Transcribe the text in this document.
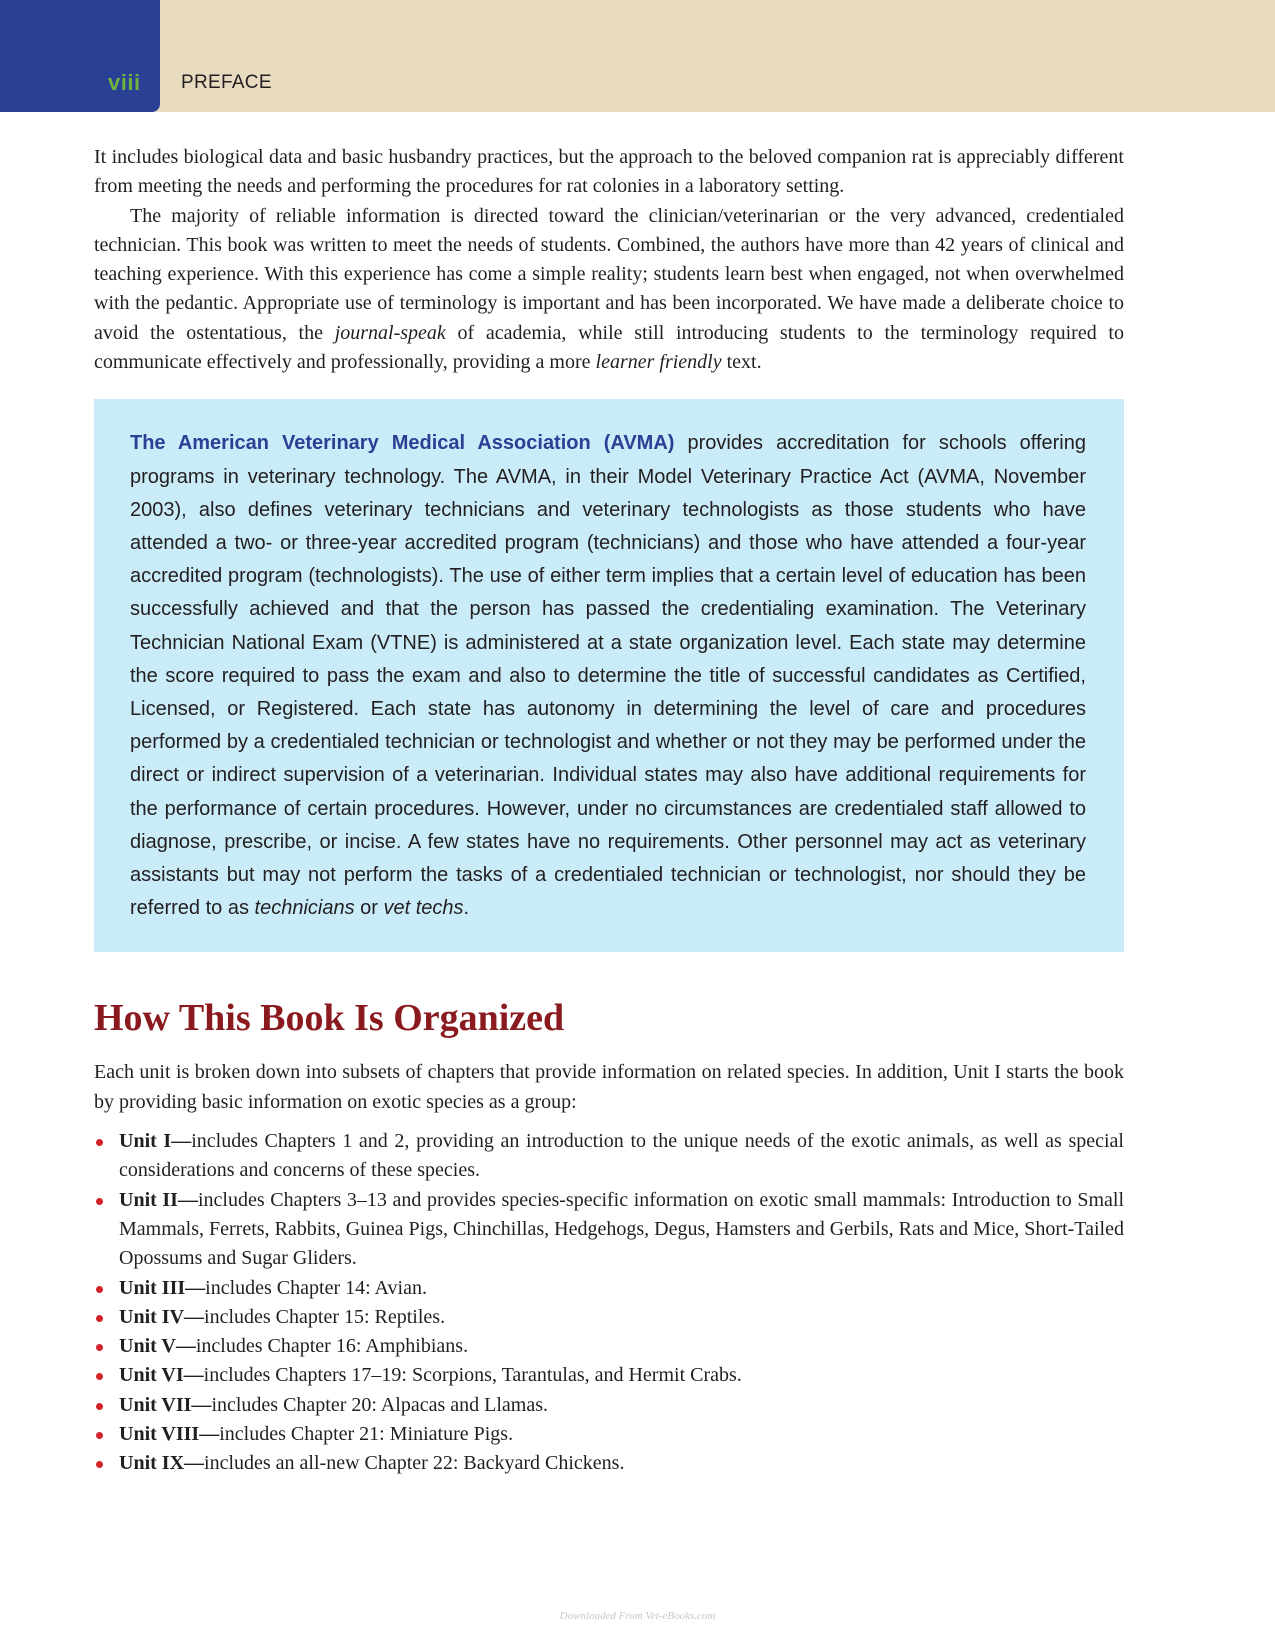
viii PREFACE

It includes biological data and basic husbandry practices, but the approach to the beloved companion rat is appreciably different from meeting the needs and performing the procedures for rat colonies in a laboratory setting.

The majority of reliable information is directed toward the clinician/veterinarian or the very advanced, credentialed technician. This book was written to meet the needs of students. Combined, the authors have more than 42 years of clinical and teaching experience. With this experience has come a simple reality; students learn best when engaged, not when overwhelmed with the pedantic. Appropriate use of terminology is important and has been incorporated. We have made a deliberate choice to avoid the ostentatious, the journal-speak of academia, while still introducing students to the terminology required to communicate effectively and professionally, providing a more learner friendly text.

The American Veterinary Medical Association (AVMA) provides accreditation for schools offering programs in veterinary technology. The AVMA, in their Model Veterinary Practice Act (AVMA, November 2003), also defines veterinary technicians and veterinary technologists as those students who have attended a two- or three-year accredited program (technicians) and those who have attended a four-year accredited program (technologists). The use of either term implies that a certain level of education has been successfully achieved and that the person has passed the credentialing examination. The Veterinary Technician National Exam (VTNE) is administered at a state organization level. Each state may determine the score required to pass the exam and also to determine the title of successful candidates as Certified, Licensed, or Registered. Each state has autonomy in determining the level of care and procedures performed by a credentialed technician or technologist and whether or not they may be performed under the direct or indirect supervision of a veterinarian. Individual states may also have additional requirements for the performance of certain procedures. However, under no circumstances are credentialed staff allowed to diagnose, prescribe, or incise. A few states have no requirements. Other personnel may act as veterinary assistants but may not perform the tasks of a credentialed technician or technologist, nor should they be referred to as technicians or vet techs.
How This Book Is Organized

Each unit is broken down into subsets of chapters that provide information on related species. In addition, Unit I starts the book by providing basic information on exotic species as a group:

Unit I—includes Chapters 1 and 2, providing an introduction to the unique needs of the exotic animals, as well as special considerations and concerns of these species.
Unit II—includes Chapters 3–13 and provides species-specific information on exotic small mammals: Introduction to Small Mammals, Ferrets, Rabbits, Guinea Pigs, Chinchillas, Hedgehogs, Degus, Hamsters and Gerbils, Rats and Mice, Short-Tailed Opossums and Sugar Gliders.
Unit III—includes Chapter 14: Avian.
Unit IV—includes Chapter 15: Reptiles.
Unit V—includes Chapter 16: Amphibians.
Unit VI—includes Chapters 17–19: Scorpions, Tarantulas, and Hermit Crabs.
Unit VII—includes Chapter 20: Alpacas and Llamas.
Unit VIII—includes Chapter 21: Miniature Pigs.
Unit IX—includes an all-new Chapter 22: Backyard Chickens.
Downloaded From Vet-eBooks.com
